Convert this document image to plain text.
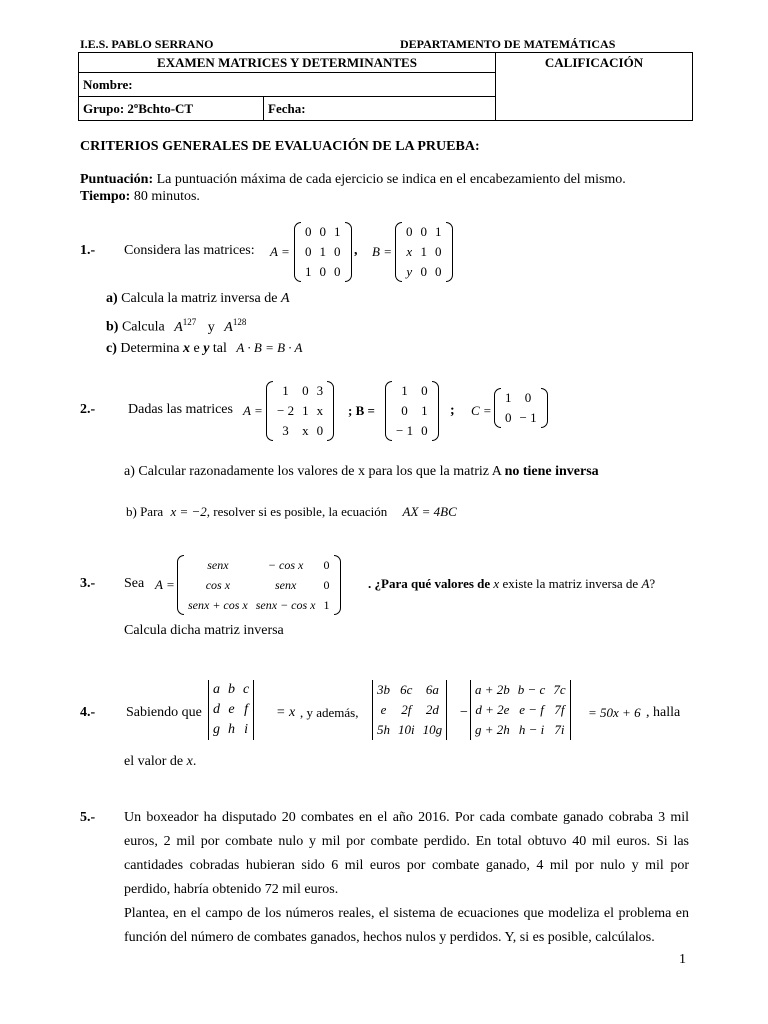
I.E.S. PABLO SERRANO	DEPARTAMENTO DE MATEMÁTICAS
EXAMEN MATRICES Y DETERMINANTES		CALIFICACIÓN
Nombre:		
Grupo: 2ºBchto-CT	Fecha:	
CRITERIOS GENERALES DE EVALUACIÓN DE LA PRUEBA:
Puntuación: La puntuación máxima de cada ejercicio se indica en el encabezamiento del mismo.
Tiempo: 80 minutos.
1.- Considera las matrices: A =
0	0	1
0	1	0
1	0	0
, B =
0	0	1
x	1	0
y	0	0
a) Calcula la matriz inversa de A
b) Calcula $A^{127}$ y $A^{128}$
c) Determina x e y tal A · B = B · A
2.- Dadas las matrices A =
1	0	3
− 2	1	x
3	x	0
; B =
1	0
0	1
− 1	0
; C =
1	0
0	− 1
a) Calcular razonadamente los valores de x para los que la matriz A no tiene inversa
b) Para x = −2, resolver si es posible, la ecuación AX = 4BC
3.- Sea A =
senx	− cos x	0
cos x	senx	0
senx + cos x	senx − cos x	1
. ¿Para qué valores de x existe la matriz inversa de A?
Calcula dicha matriz inversa
4.- Sabiendo que
a	b	c
d	e	f
g	h	i
= x , y además,
3b	6c	6a
e	2f	2d
5h	10i	10g
−
a + 2b	b − c	7c
d + 2e	e − f	7f
g + 2h	h − i	7i
= 50x + 6 , halla
el valor de x.
5.- Un boxeador ha disputado 20 combates en el año 2016. Por cada combate ganado cobraba 3 mil euros, 2 mil por combate nulo y mil por combate perdido. En total obtuvo 40 mil euros. Si las cantidades cobradas hubieran sido 6 mil euros por combate ganado, 4 mil por nulo y mil por perdido, habría obtenido 72 mil euros.
Plantea, en el campo de los números reales, el sistema de ecuaciones que modeliza el problema en función del número de combates ganados, hechos nulos y perdidos. Y, si es posible, calcúlalos.
1
